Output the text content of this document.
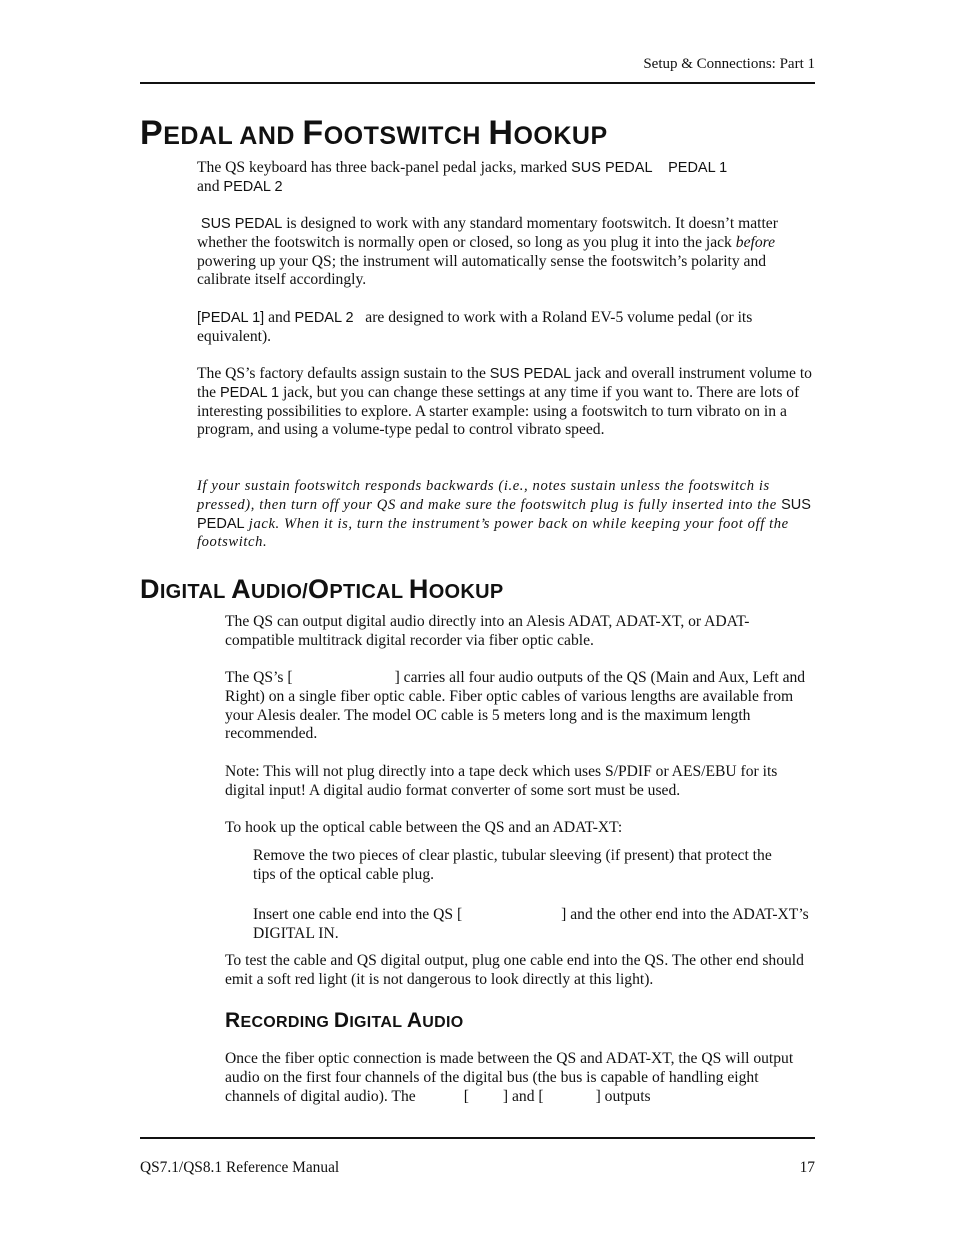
Setup & Connections: Part 1
PEDAL AND FOOTSWITCH HOOKUP
The QS keyboard has three back-panel pedal jacks, marked SUS PEDAL PEDAL 1
and PEDAL 2
SUS PEDAL is designed to work with any standard momentary footswitch. It doesn’t matter whether the footswitch is normally open or closed, so long as you plug it into the jack before powering up your QS; the instrument will automatically sense the footswitch’s polarity and calibrate itself accordingly.
[PEDAL 1] and PEDAL 2   are designed to work with a Roland EV-5 volume pedal (or its equivalent).
The QS’s factory defaults assign sustain to the SUS PEDAL jack and overall instrument volume to the PEDAL 1 jack, but you can change these settings at any time if you want to. There are lots of interesting possibilities to explore. A starter example: using a footswitch to turn vibrato on in a program, and using a volume-type pedal to control vibrato speed.
If your sustain footswitch responds backwards (i.e., notes sustain unless the footswitch is pressed), then turn off your QS and make sure the footswitch plug is fully inserted into the SUS PEDAL jack. When it is, turn the instrument’s power back on while keeping your foot off the footswitch.
DIGITAL AUDIO/OPTICAL HOOKUP
The QS can output digital audio directly into an Alesis ADAT, ADAT-XT, or ADAT-compatible multitrack digital recorder via fiber optic cable.
The QS’s [	] carries all four audio outputs of the QS (Main and Aux, Left and Right) on a single fiber optic cable. Fiber optic cables of various lengths are available from your Alesis dealer. The model OC cable is 5 meters long and is the maximum length recommended.
Note: This will not plug directly into a tape deck which uses S/PDIF or AES/EBU for its digital input! A digital audio format converter of some sort must be used.
To hook up the optical cable between the QS and an ADAT-XT:
Remove the two pieces of clear plastic, tubular sleeving (if present) that protect the tips of the optical cable plug.
Insert one cable end into the QS [	] and the other end into the ADAT-XT’s DIGITAL IN.
To test the cable and QS digital output, plug one cable end into the QS. The other end should emit a soft red light (it is not dangerous to look directly at this light).
RECORDING DIGITAL AUDIO
Once the fiber optic connection is made between the QS and ADAT-XT, the QS will output audio on the first four channels of the digital bus (the bus is capable of handling eight channels of digital audio). The	[ ] and [	] outputs
QS7.1/QS8.1 Reference Manual	17
